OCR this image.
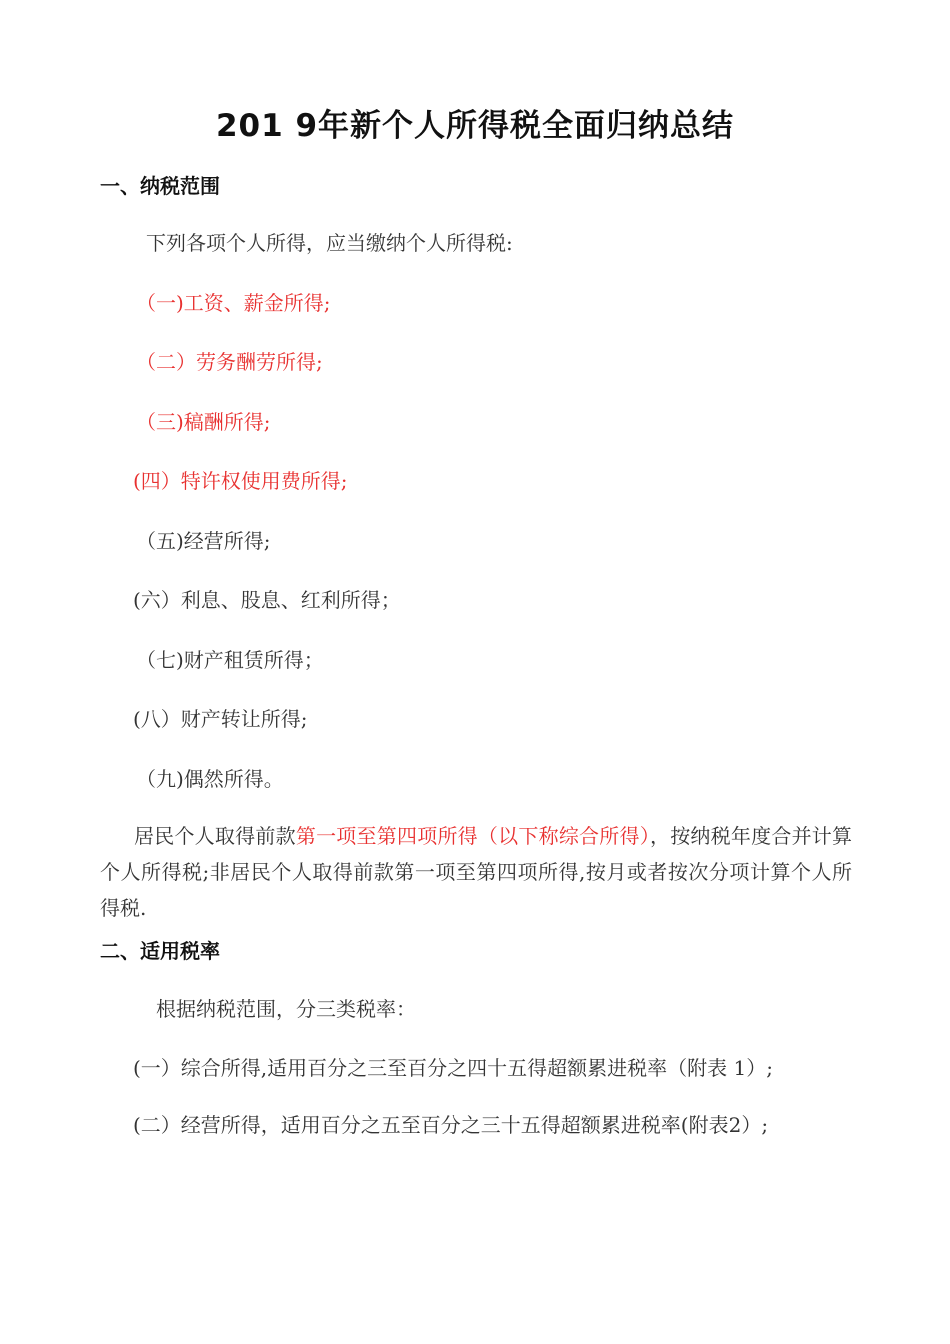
201 9年新个人所得税全面归纳总结
一、纳税范围
下列各项个人所得，应当缴纳个人所得税:
（一)工资、薪金所得;
（二）劳务酬劳所得;
（三)稿酬所得;
(四）特许权使用费所得;
（五)经营所得;
(六）利息、股息、红利所得；
（七)财产租赁所得；
(八）财产转让所得;
（九)偶然所得。
居民个人取得前款第一项至第四项所得（以下称综合所得），按纳税年度合并计算个人所得税;非居民个人取得前款第一项至第四项所得,按月或者按次分项计算个人所得税.
二、适用税率
根据纳税范围，分三类税率：
(一）综合所得,适用百分之三至百分之四十五得超额累进税率（附表 1）;
(二）经营所得，适用百分之五至百分之三十五得超额累进税率(附表2）;
